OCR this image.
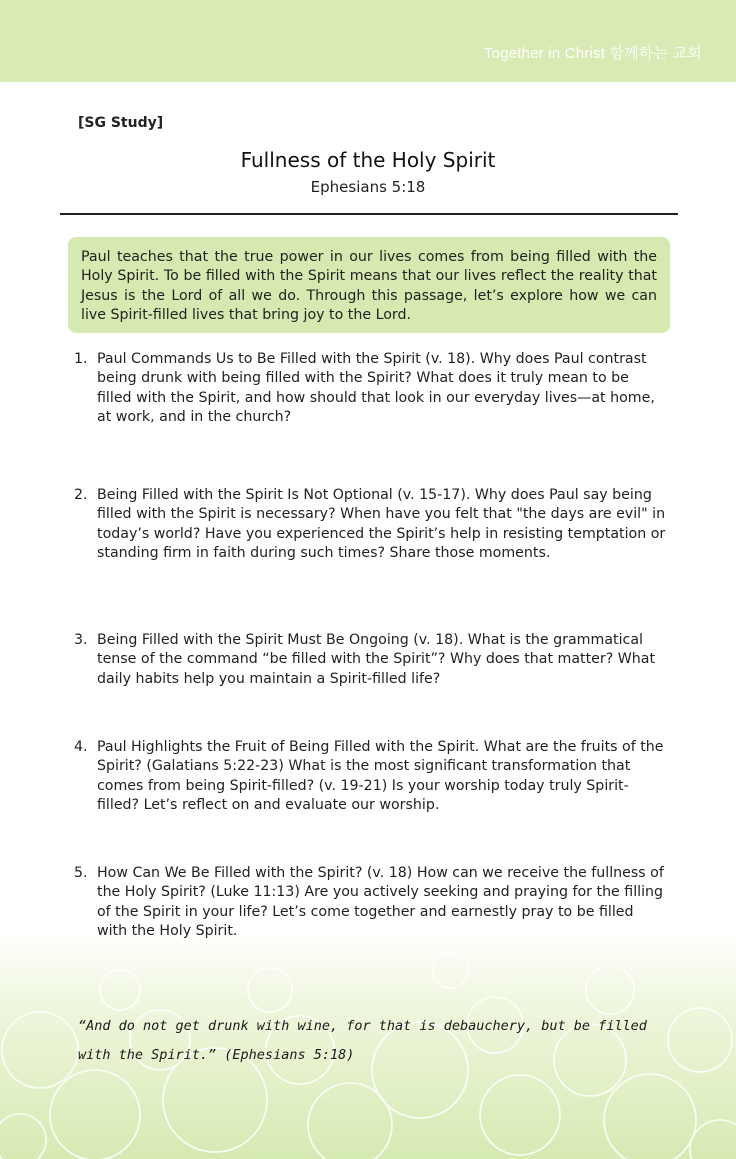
Together in Christ 함께하는 교회
[SG Study]
Fullness of the Holy Spirit
Ephesians 5:18
Paul teaches that the true power in our lives comes from being filled with the Holy Spirit. To be filled with the Spirit means that our lives reflect the reality that Jesus is the Lord of all we do. Through this passage, let’s explore how we can live Spirit-filled lives that bring joy to the Lord.
1. Paul Commands Us to Be Filled with the Spirit (v. 18). Why does Paul contrast being drunk with being filled with the Spirit? What does it truly mean to be filled with the Spirit, and how should that look in our everyday lives—at home, at work, and in the church?
2. Being Filled with the Spirit Is Not Optional (v. 15-17). Why does Paul say being filled with the Spirit is necessary? When have you felt that "the days are evil" in today’s world? Have you experienced the Spirit’s help in resisting temptation or standing firm in faith during such times? Share those moments.
3. Being Filled with the Spirit Must Be Ongoing (v. 18). What is the grammatical tense of the command “be filled with the Spirit”? Why does that matter? What daily habits help you maintain a Spirit-filled life?
4. Paul Highlights the Fruit of Being Filled with the Spirit. What are the fruits of the Spirit? (Galatians 5:22-23) What is the most significant transformation that comes from being Spirit-filled? (v. 19-21) Is your worship today truly Spirit-filled? Let’s reflect on and evaluate our worship.
5. How Can We Be Filled with the Spirit? (v. 18) How can we receive the fullness of the Holy Spirit? (Luke 11:13) Are you actively seeking and praying for the filling of the Spirit in your life? Let’s come together and earnestly pray to be filled with the Holy Spirit.
“And do not get drunk with wine, for that is debauchery, but be filled with the Spirit.” (Ephesians 5:18)
